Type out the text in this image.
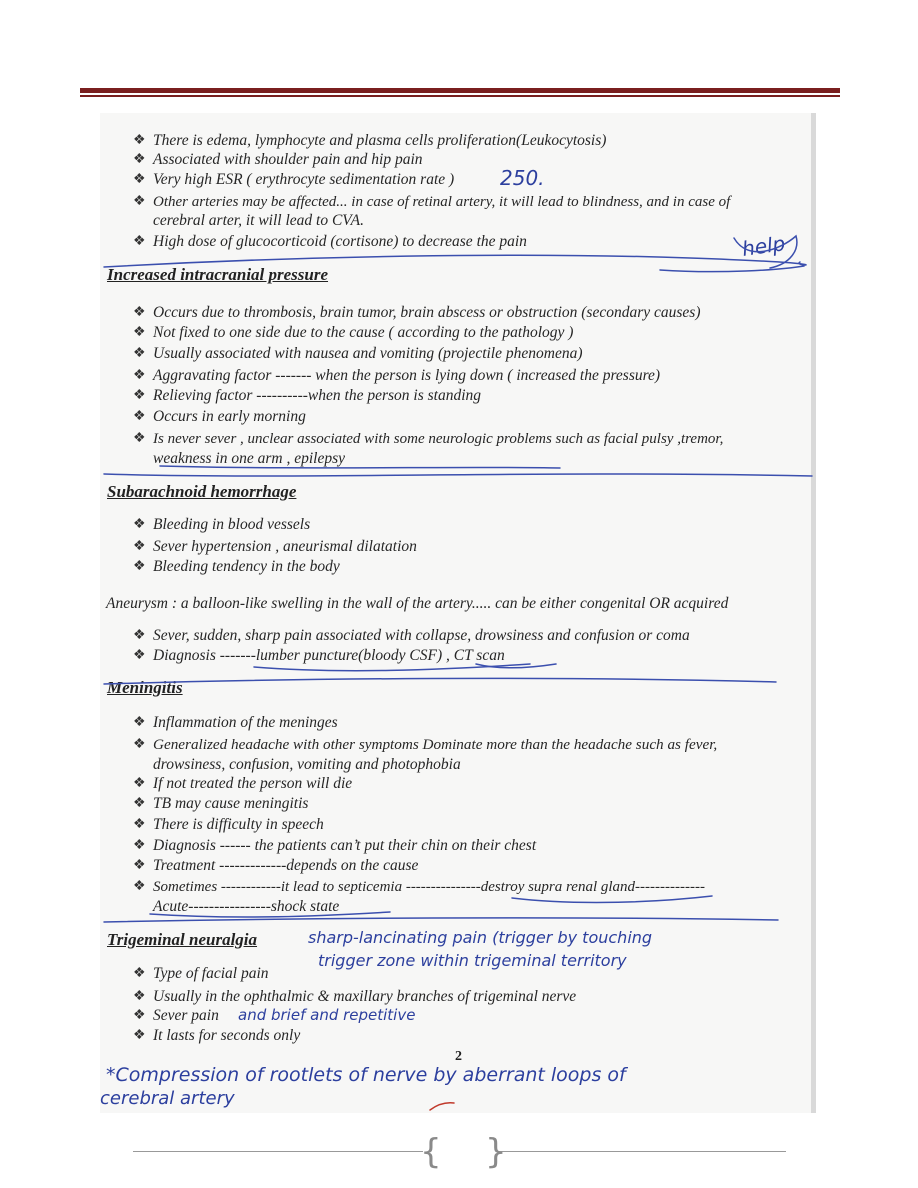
❖ There is edema, lymphocyte and plasma cells proliferation(Leukocytosis)
❖ Associated with shoulder pain and hip pain
❖ Very high ESR ( erythrocyte sedimentation rate ) 250.
❖ Other arteries may be affected... in case of retinal artery, it will lead to blindness, and in case of
cerebral arter, it will lead to CVA.
❖ High dose of glucocorticoid (cortisone) to decrease the pain	help
Increased intracranial pressure
❖ Occurs due to thrombosis, brain tumor, brain abscess or obstruction (secondary causes)
❖ Not fixed to one side due to the cause ( according to the pathology )
❖ Usually associated with nausea and vomiting (projectile phenomena)
❖ Aggravating factor ------- when the person is lying down ( increased the pressure)
❖ Relieving factor ----------when the person is standing
❖ Occurs in early morning
❖ Is never sever , unclear associated with some neurologic problems such as facial pulsy ,tremor,
weakness in one arm , epilepsy
Subarachnoid hemorrhage
❖ Bleeding in blood vessels
❖ Sever hypertension , aneurismal dilatation
❖ Bleeding tendency in the body
Aneurysm : a balloon-like swelling in the wall of the artery..... can be either congenital OR acquired
❖ Sever, sudden, sharp pain associated with collapse, drowsiness and confusion or coma
❖ Diagnosis -------lumber puncture(bloody CSF) , CT scan
Meningitis
❖ Inflammation of the meninges
❖ Generalized headache with other symptoms Dominate more than the headache such as fever,
drowsiness, confusion, vomiting and photophobia
❖ If not treated the person will die
❖ TB may cause meningitis
❖ There is difficulty in speech
❖ Diagnosis ------ the patients can’t put their chin on their chest
❖ Treatment -------------depends on the cause
❖ Sometimes ------------it lead to septicemia ---------------destroy supra renal gland--------------
Acute----------------shock state
Trigeminal neuralgia	sharp-lancinating pain (trigger by touching
trigger zone within trigeminal territory
❖ Type of facial pain
❖ Usually in the ophthalmic & maxillary branches of trigeminal nerve
❖ Sever pain and brief and repetitive
❖ It lasts for seconds only
2
*Compression of rootlets of nerve by aberrant loops of
cerebral artery
{ }
